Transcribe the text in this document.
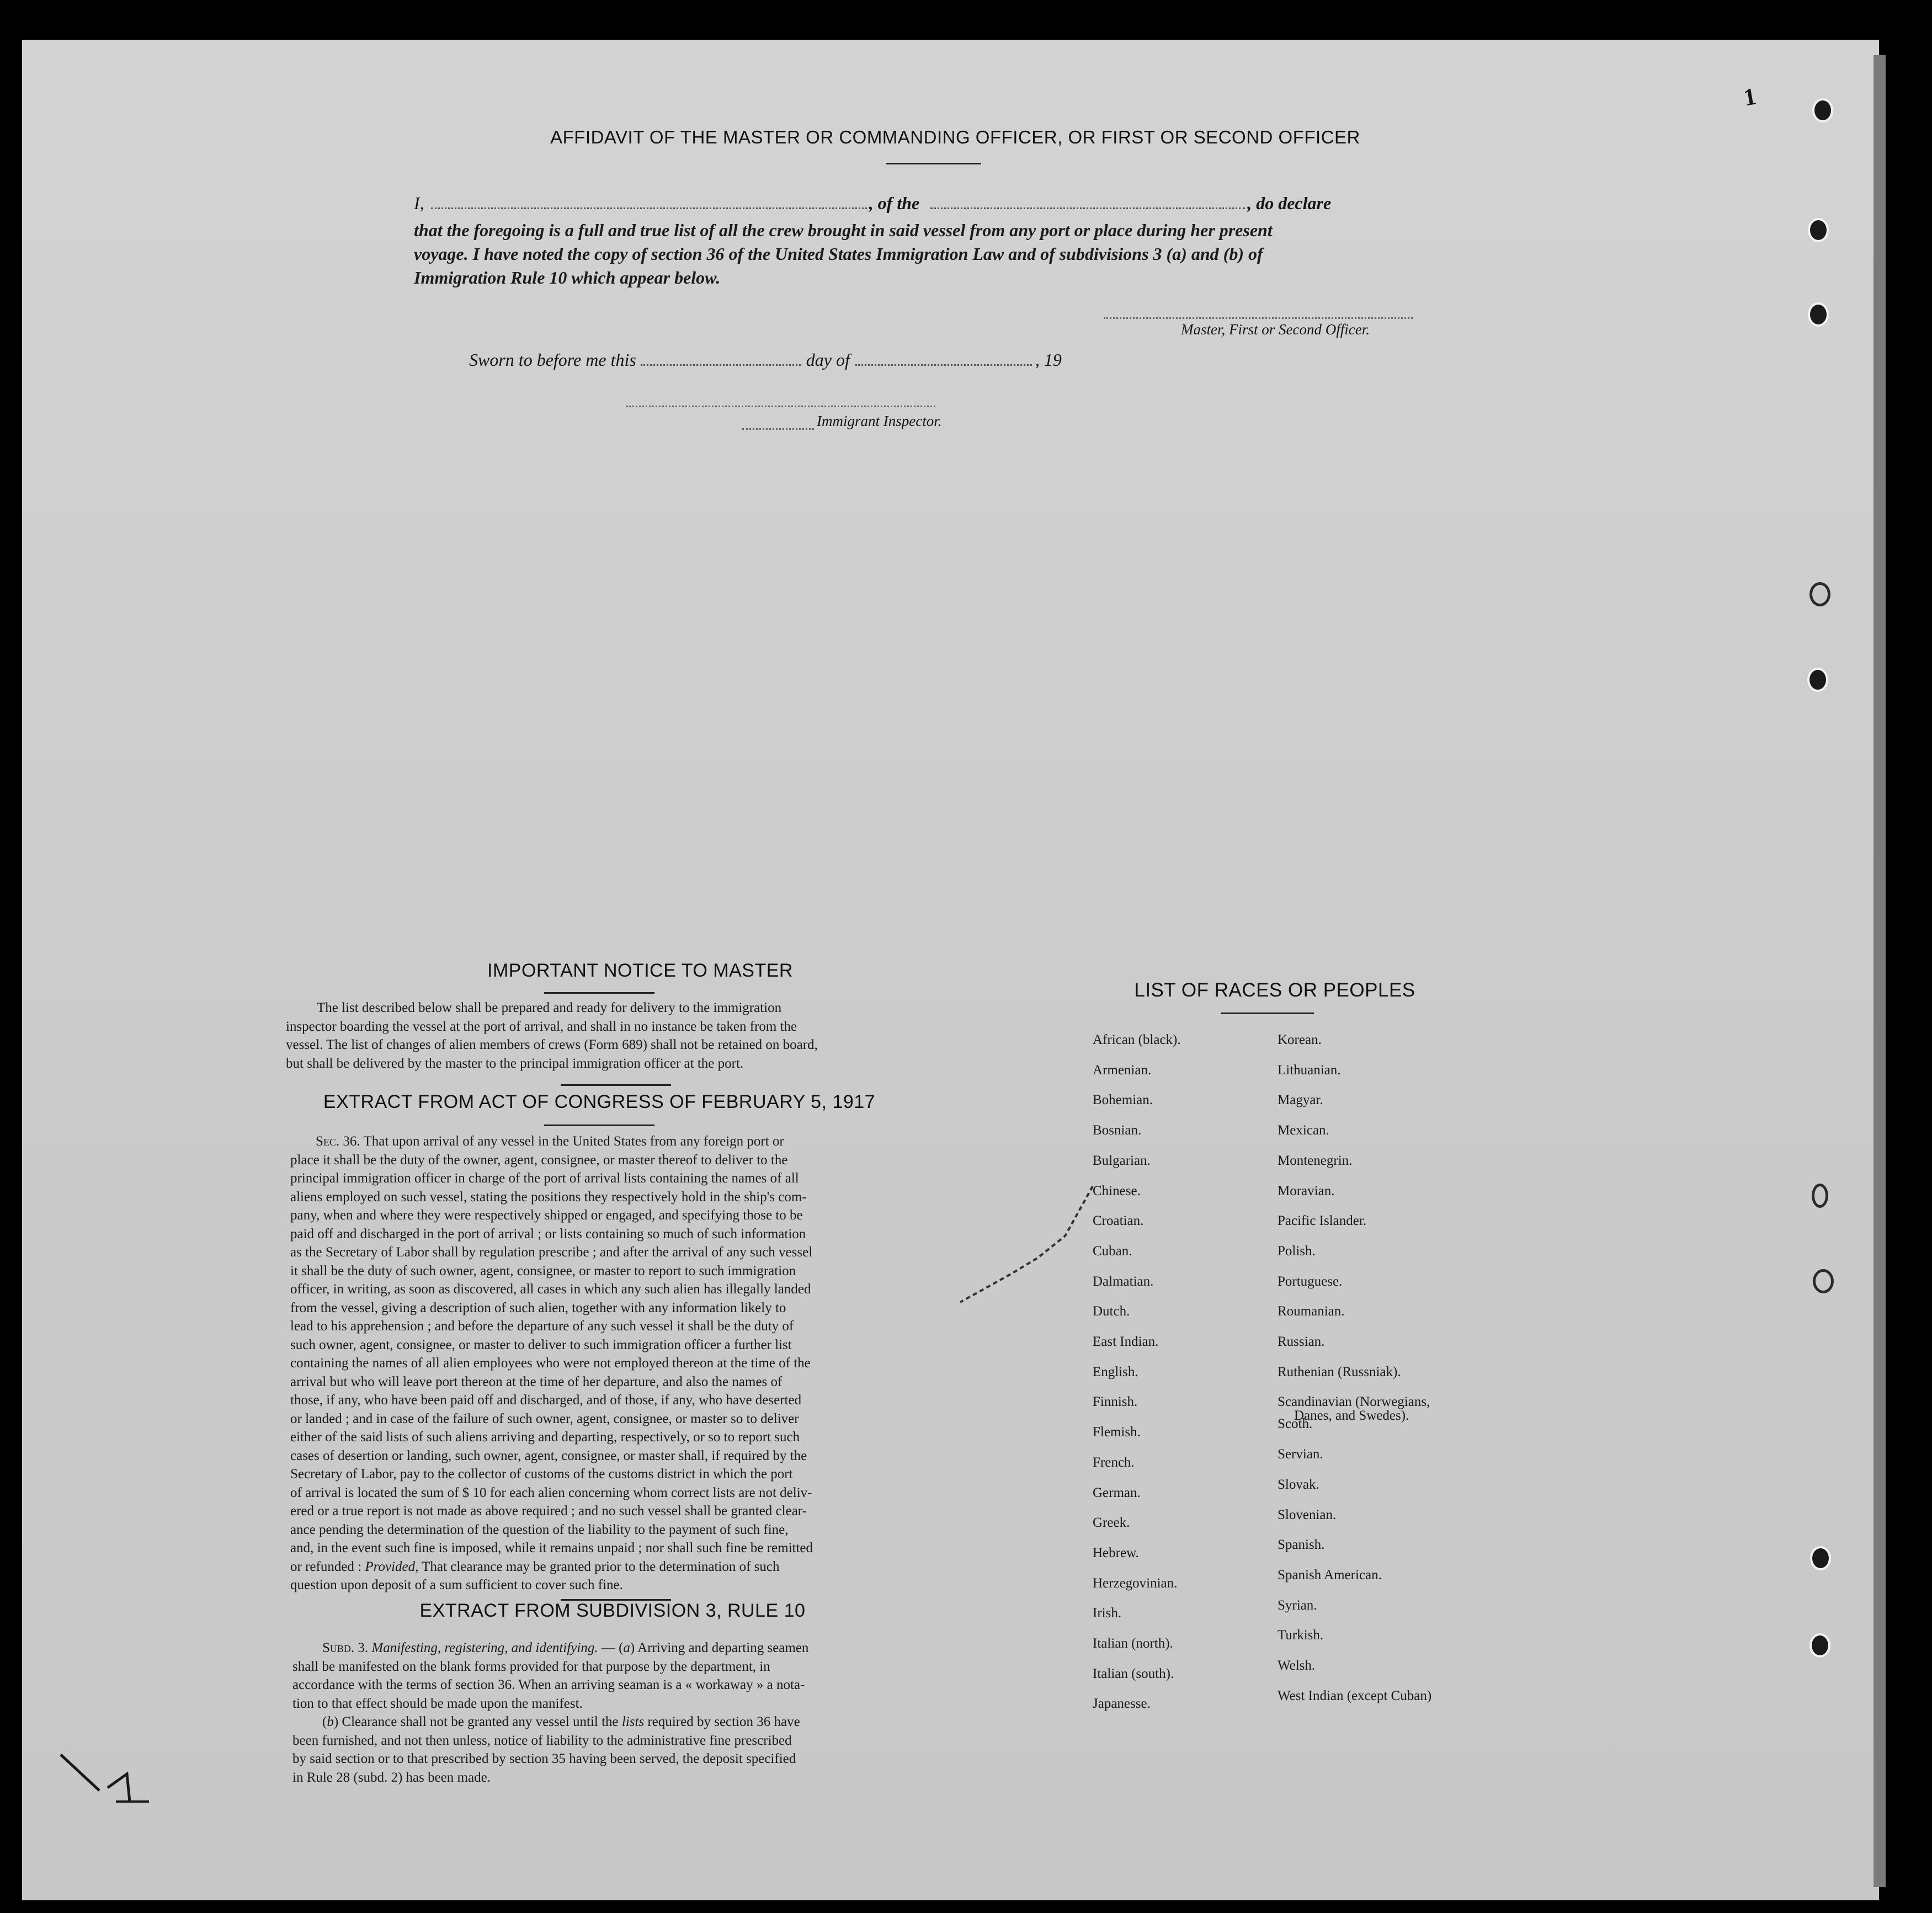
1
AFFIDAVIT OF THE MASTER OR COMMANDING OFFICER, OR FIRST OR SECOND OFFICER
I,	, of the	, do declare
that the foregoing is a full and true list of all the crew brought in said vessel from any port or place during her present
voyage. I have noted the copy of section 36 of the United States Immigration Law and of subdivisions 3 (a) and (b) of
Immigration Rule 10 which appear below.
Master, First or Second Officer.
Sworn to before me this	day of	, 19
Immigrant Inspector.
IMPORTANT NOTICE TO MASTER
The list described below shall be prepared and ready for delivery to the immigration
inspector boarding the vessel at the port of arrival, and shall in no instance be taken from the
vessel. The list of changes of alien members of crews (Form 689) shall not be retained on board,
but shall be delivered by the master to the principal immigration officer at the port.
EXTRACT FROM ACT OF CONGRESS OF FEBRUARY 5, 1917
Sec. 36. That upon arrival of any vessel in the United States from any foreign port or
place it shall be the duty of the owner, agent, consignee, or master thereof to deliver to the
principal immigration officer in charge of the port of arrival lists containing the names of all
aliens employed on such vessel, stating the positions they respectively hold in the ship's com-
pany, when and where they were respectively shipped or engaged, and specifying those to be
paid off and discharged in the port of arrival ; or lists containing so much of such information
as the Secretary of Labor shall by regulation prescribe ; and after the arrival of any such vessel
it shall be the duty of such owner, agent, consignee, or master to report to such immigration
officer, in writing, as soon as discovered, all cases in which any such alien has illegally landed
from the vessel, giving a description of such alien, together with any information likely to
lead to his apprehension ; and before the departure of any such vessel it shall be the duty of
such owner, agent, consignee, or master to deliver to such immigration officer a further list
containing the names of all alien employees who were not employed thereon at the time of the
arrival but who will leave port thereon at the time of her departure, and also the names of
those, if any, who have been paid off and discharged, and of those, if any, who have deserted
or landed ; and in case of the failure of such owner, agent, consignee, or master so to deliver
either of the said lists of such aliens arriving and departing, respectively, or so to report such
cases of desertion or landing, such owner, agent, consignee, or master shall, if required by the
Secretary of Labor, pay to the collector of customs of the customs district in which the port
of arrival is located the sum of $ 10 for each alien concerning whom correct lists are not deliv-
ered or a true report is not made as above required ; and no such vessel shall be granted clear-
ance pending the determination of the question of the liability to the payment of such fine,
and, in the event such fine is imposed, while it remains unpaid ; nor shall such fine be remitted
or refunded : Provided, That clearance may be granted prior to the determination of such
question upon deposit of a sum sufficient to cover such fine.
EXTRACT FROM SUBDIVISION 3, RULE 10
Subd. 3. Manifesting, registering, and identifying. — (a) Arriving and departing seamen
shall be manifested on the blank forms provided for that purpose by the department, in
accordance with the terms of section 36. When an arriving seaman is a « workaway » a nota-
tion to that effect should be made upon the manifest.
(b) Clearance shall not be granted any vessel until the lists required by section 36 have
been furnished, and not then unless, notice of liability to the administrative fine prescribed
by said section or to that prescribed by section 35 having been served, the deposit specified
in Rule 28 (subd. 2) has been made.
LIST OF RACES OR PEOPLES
African (black).
Armenian.
Bohemian.
Bosnian.
Bulgarian.
Chinese.
Croatian.
Cuban.
Dalmatian.
Dutch.
East Indian.
English.
Finnish.
Flemish.
French.
German.
Greek.
Hebrew.
Herzegovinian.
Irish.
Italian (north).
Italian (south).
Japanesse.
Korean.
Lithuanian.
Magyar.
Mexican.
Montenegrin.
Moravian.
Pacific Islander.
Polish.
Portuguese.
Roumanian.
Russian.
Ruthenian (Russniak).
Scandinavian (Norwegians,
Danes, and Swedes).
Scoth.
Servian.
Slovak.
Slovenian.
Spanish.
Spanish American.
Syrian.
Turkish.
Welsh.
West Indian (except Cuban)
